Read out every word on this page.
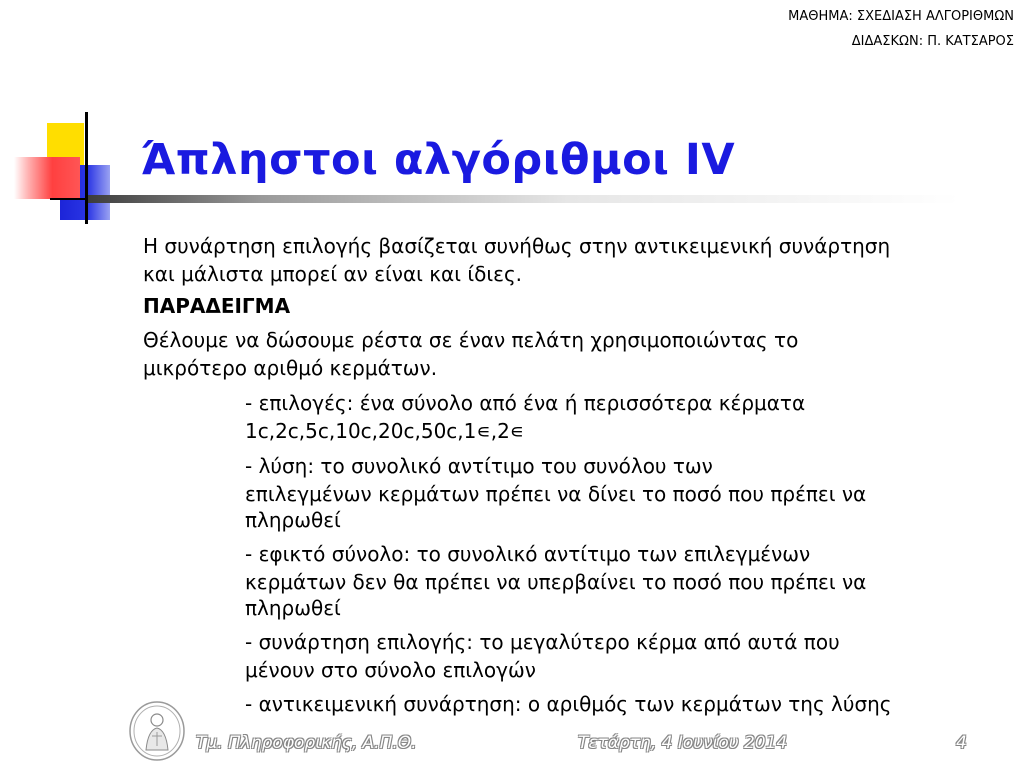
ΜΑΘΗΜΑ: ΣΧΕΔΙΑΣΗ ΑΛΓΟΡΙΘΜΩΝ
ΔΙΔΑΣΚΩΝ: Π. ΚΑΤΣΑΡΟΣ
Άπληστοι αλγόριθμοι IV
Η συνάρτηση επιλογής βασίζεται συνήθως στην αντικειμενική συνάρτηση
και μάλιστα μπορεί αν είναι και ίδιες.
ΠΑΡΑΔΕΙΓΜΑ
Θέλουμε να δώσουμε ρέστα σε έναν πελάτη χρησιμοποιώντας το
μικρότερο αριθμό κερμάτων.
- επιλογές: ένα σύνολο από ένα ή περισσότερα κέρματα
1c,2c,5c,10c,20c,50c,1∊,2∊
- λύση: το συνολικό αντίτιμο του συνόλου των
επιλεγμένων κερμάτων πρέπει να δίνει το ποσό που πρέπει να
πληρωθεί
- εφικτό σύνολο: το συνολικό αντίτιμο των επιλεγμένων
κερμάτων δεν θα πρέπει να υπερβαίνει το ποσό που πρέπει να
πληρωθεί
- συνάρτηση επιλογής: το μεγαλύτερο κέρμα από αυτά που
μένουν στο σύνολο επιλογών
- αντικειμενική συνάρτηση: ο αριθμός των κερμάτων της λύσης
Τμ. Πληροφορικής, Α.Π.Θ.	Τετάρτη, 4 Ιουνίου 2014	4
